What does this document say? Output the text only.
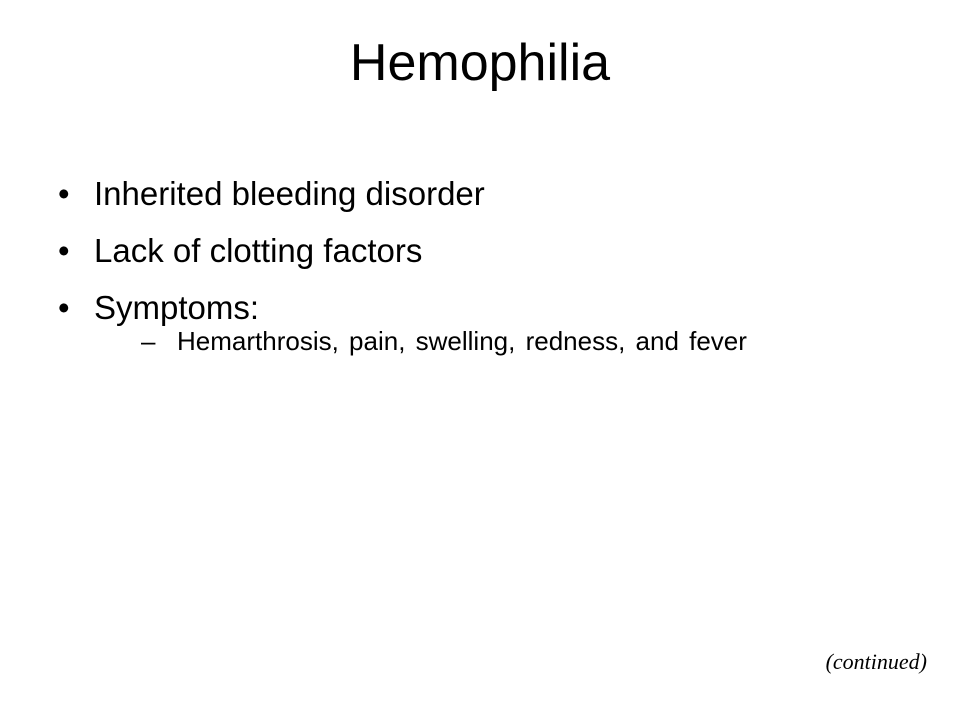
Hemophilia
• Inherited bleeding disorder
• Lack of clotting factors
• Symptoms:
– Hemarthrosis, pain, swelling, redness, and fever
(continued)
